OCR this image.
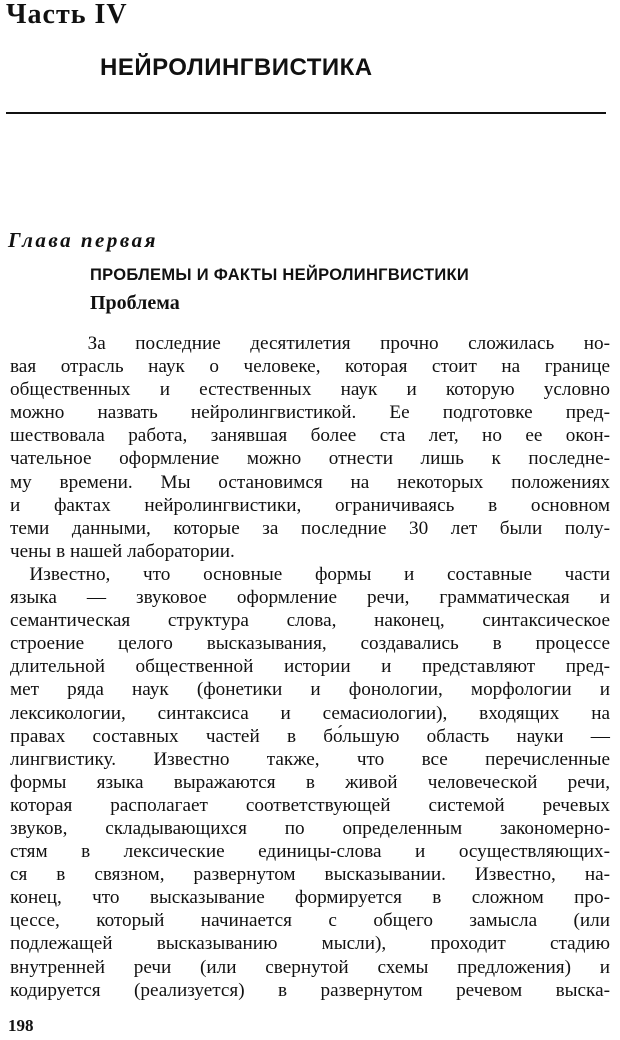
Часть IV
НЕЙРОЛИНГВИСТИКА
Глава первая
ПРОБЛЕМЫ И ФАКТЫ НЕЙРОЛИНГВИСТИКИ
Проблема
За последние десятилетия прочно сложилась но-
вая отрасль наук о человеке, которая стоит на границе
общественных и естественных наук и которую условно
можно назвать нейролингвистикой. Ее подготовке пред-
шествовала работа, занявшая более ста лет, но ее окон-
чательное оформление можно отнести лишь к последне-
му времени. Мы остановимся на некоторых положениях
и фактах нейролингвистики, ограничиваясь в основном
теми данными, которые за последние 30 лет были полу-
чены в нашей лаборатории.
Известно, что основные формы и составные части
языка — звуковое оформление речи, грамматическая и
семантическая структура слова, наконец, синтаксическое
строение целого высказывания, создавались в процессе
длительной общественной истории и представляют пред-
мет ряда наук (фонетики и фонологии, морфологии и
лексикологии, синтаксиса и семасиологии), входящих на
правах составных частей в бо́льшую область науки —
лингвистику. Известно также, что все перечисленные
формы языка выражаются в живой человеческой речи,
которая располагает соответствующей системой речевых
звуков, складывающихся по определенным закономерно-
стям в лексические единицы-слова и осуществляющих-
ся в связном, развернутом высказывании. Известно, на-
конец, что высказывание формируется в сложном про-
цессе, который начинается с общего замысла (или
подлежащей высказыванию мысли), проходит стадию
внутренней речи (или свернутой схемы предложения) и
кодируется (реализуется) в развернутом речевом выска-
198
